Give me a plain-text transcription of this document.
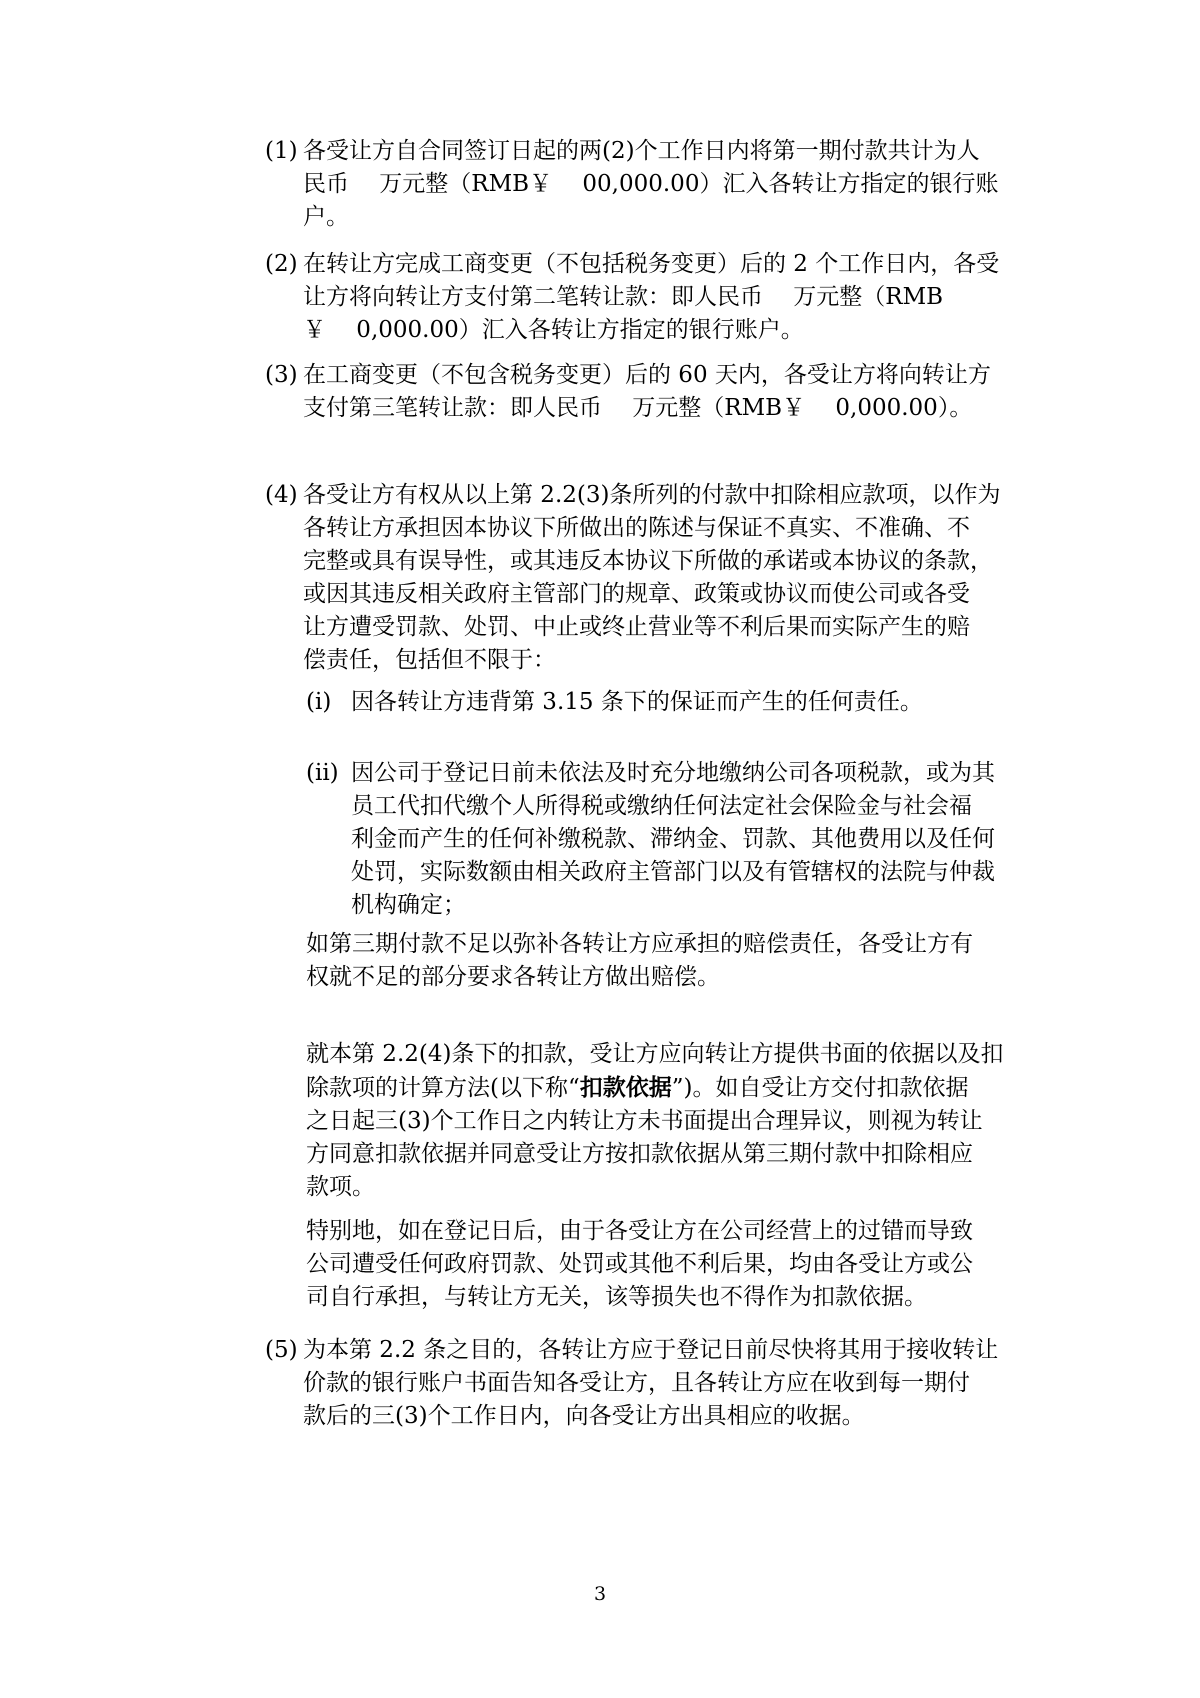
(1) 各受让方自合同签订日起的两(2)个工作日内将第一期付款共计为人
民币 　万元整（RMB￥ 　00,000.00）汇入各转让方指定的银行账
户。
(2) 在转让方完成工商变更（不包括税务变更）后的 2 个工作日内，各受
让方将向转让方支付第二笔转让款：即人民币 　万元整（RMB
￥ 　0,000.00）汇入各转让方指定的银行账户。
(3) 在工商变更（不包含税务变更）后的 60 天内，各受让方将向转让方
支付第三笔转让款：即人民币 　万元整（RMB￥ 　0,000.00）。
(4) 各受让方有权从以上第 2.2(3)条所列的付款中扣除相应款项，以作为
各转让方承担因本协议下所做出的陈述与保证不真实、不准确、不
完整或具有误导性，或其违反本协议下所做的承诺或本协议的条款，
或因其违反相关政府主管部门的规章、政策或协议而使公司或各受
让方遭受罚款、处罚、中止或终止营业等不利后果而实际产生的赔
偿责任，包括但不限于：
(i) 因各转让方违背第 3.15 条下的保证而产生的任何责任。
(ii) 因公司于登记日前未依法及时充分地缴纳公司各项税款，或为其
员工代扣代缴个人所得税或缴纳任何法定社会保险金与社会福
利金而产生的任何补缴税款、滞纳金、罚款、其他费用以及任何
处罚，实际数额由相关政府主管部门以及有管辖权的法院与仲裁
机构确定；
如第三期付款不足以弥补各转让方应承担的赔偿责任，各受让方有
权就不足的部分要求各转让方做出赔偿。
就本第 2.2(4)条下的扣款，受让方应向转让方提供书面的依据以及扣
除款项的计算方法(以下称“扣款依据”)。如自受让方交付扣款依据
之日起三(3)个工作日之内转让方未书面提出合理异议，则视为转让
方同意扣款依据并同意受让方按扣款依据从第三期付款中扣除相应
款项。
特别地，如在登记日后，由于各受让方在公司经营上的过错而导致
公司遭受任何政府罚款、处罚或其他不利后果，均由各受让方或公
司自行承担，与转让方无关，该等损失也不得作为扣款依据。
(5) 为本第 2.2 条之目的，各转让方应于登记日前尽快将其用于接收转让
价款的银行账户书面告知各受让方，且各转让方应在收到每一期付
款后的三(3)个工作日内，向各受让方出具相应的收据。
3
